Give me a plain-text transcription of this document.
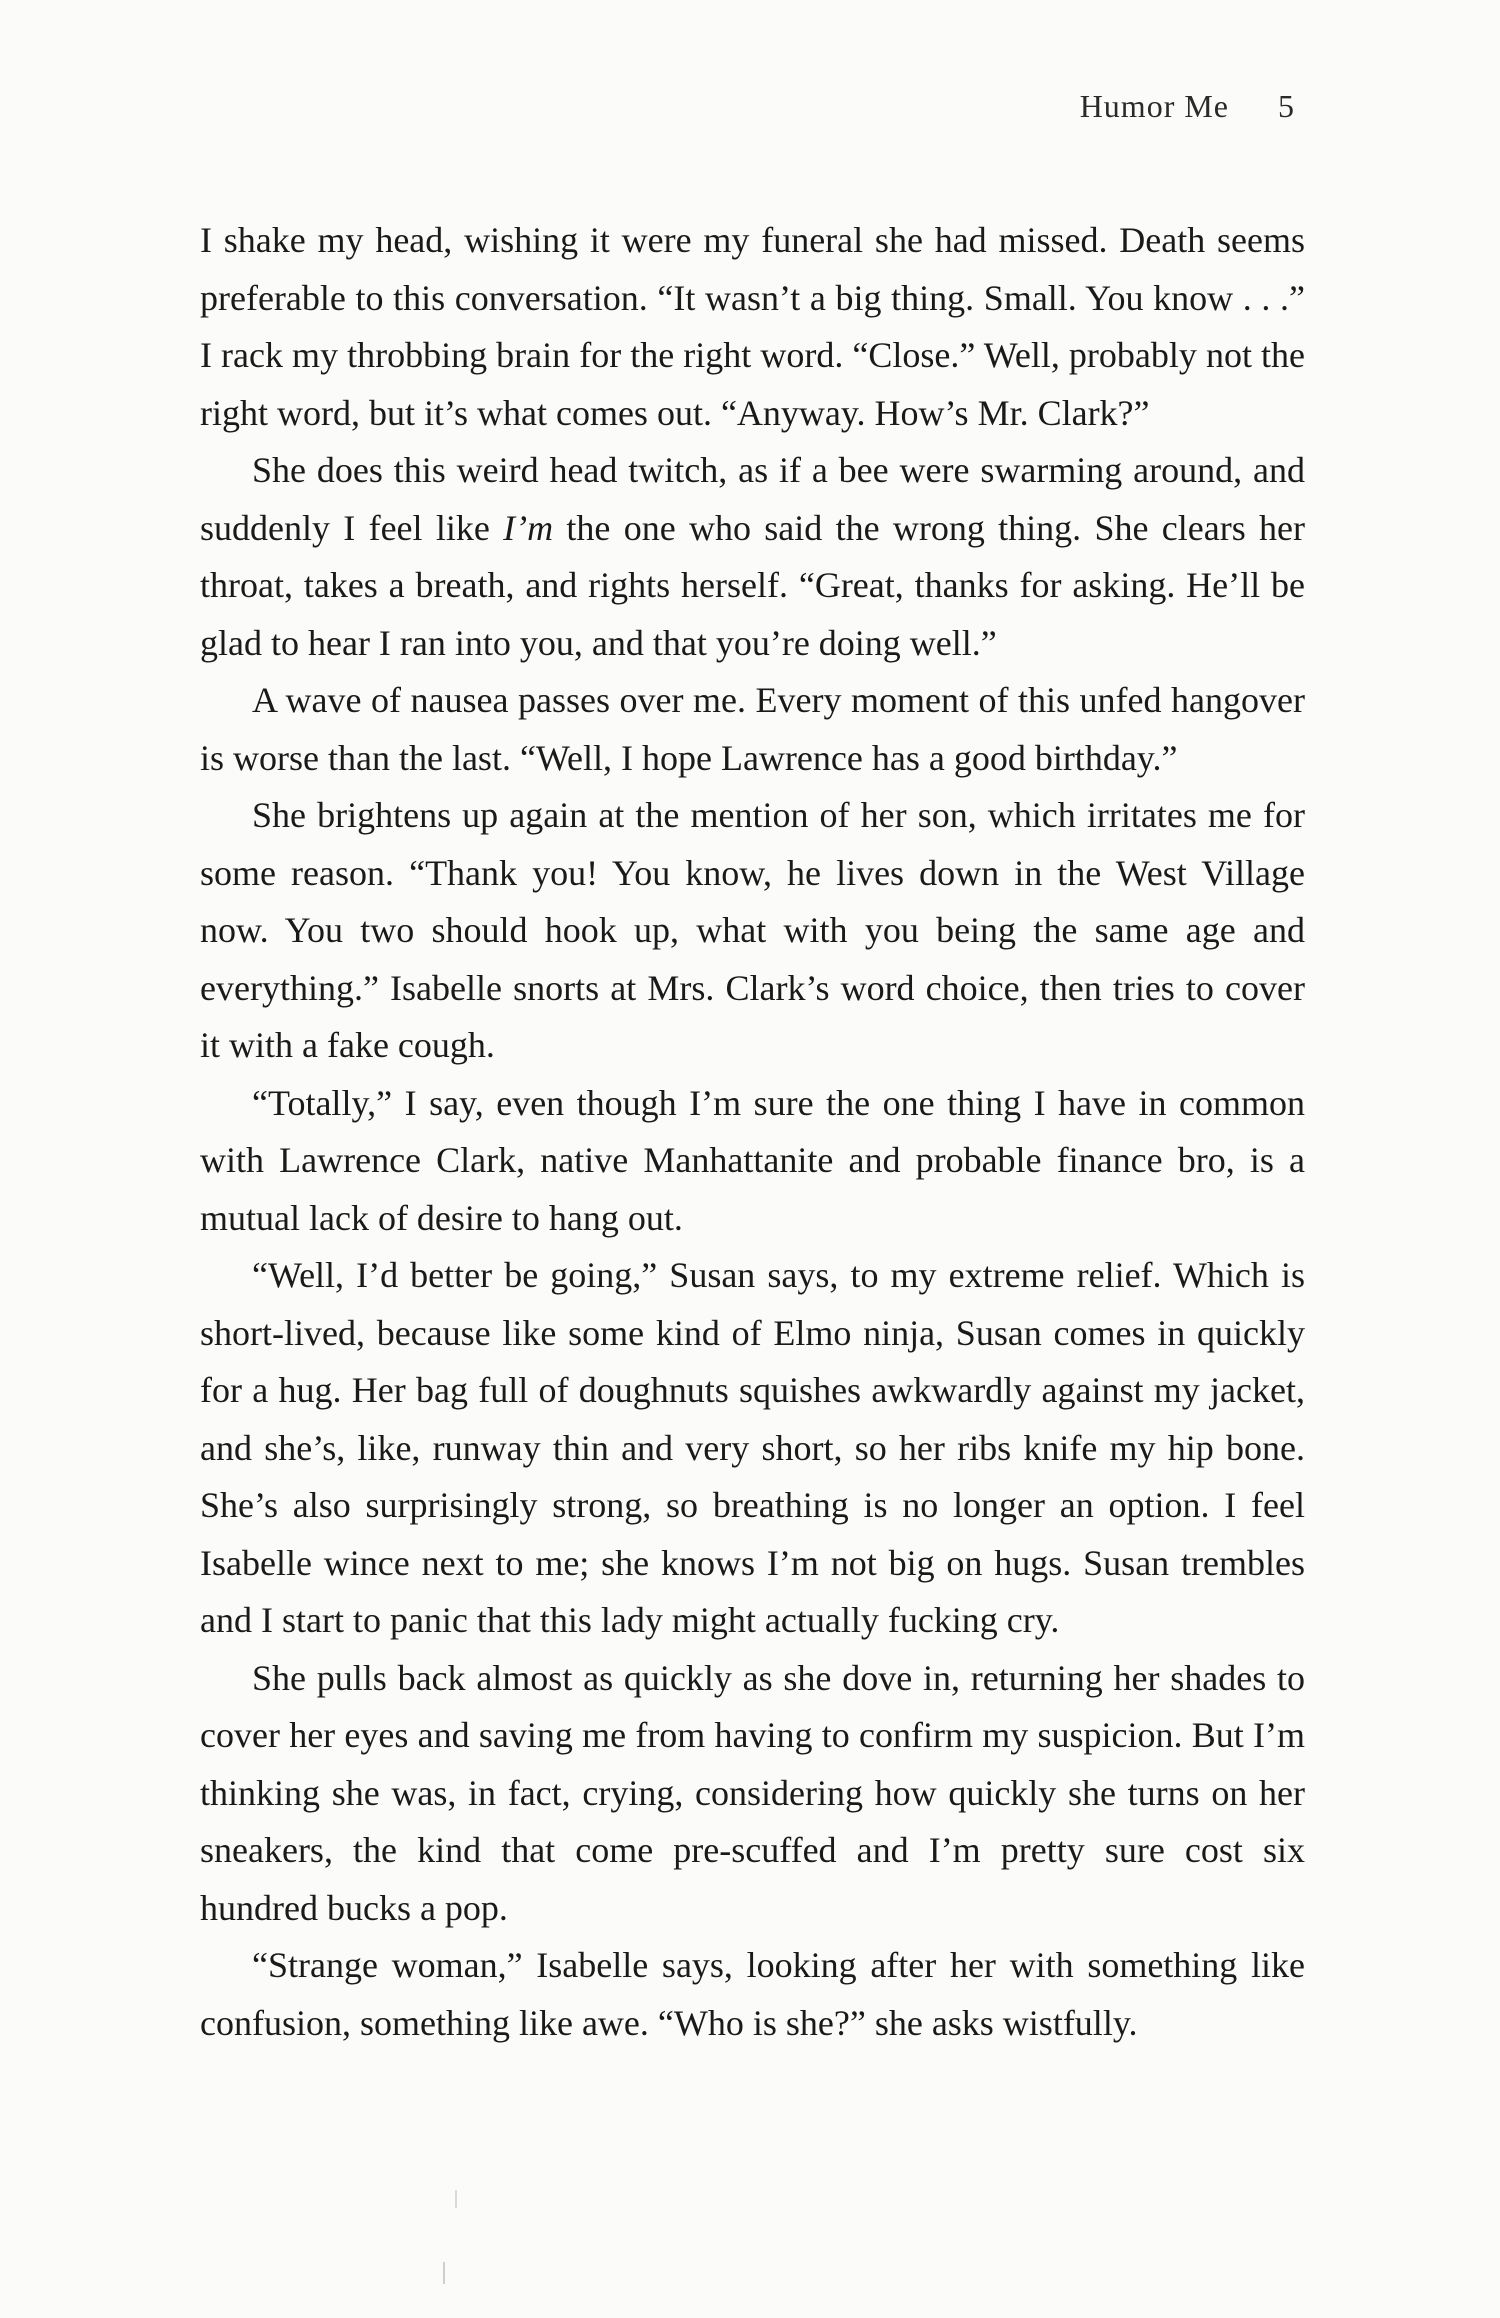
Humor Me 5

I shake my head, wishing it were my funeral she had missed. Death seems preferable to this conversation. “It wasn’t a big thing. Small. You know . . .” I rack my throbbing brain for the right word. “Close.” Well, probably not the right word, but it’s what comes out. “Anyway. How’s Mr. Clark?”

She does this weird head twitch, as if a bee were swarming around, and suddenly I feel like I’m the one who said the wrong thing. She clears her throat, takes a breath, and rights herself. “Great, thanks for asking. He’ll be glad to hear I ran into you, and that you’re doing well.”

A wave of nausea passes over me. Every moment of this unfed hangover is worse than the last. “Well, I hope Lawrence has a good birthday.”

She brightens up again at the mention of her son, which irritates me for some reason. “Thank you! You know, he lives down in the West Village now. You two should hook up, what with you being the same age and everything.” Isabelle snorts at Mrs. Clark’s word choice, then tries to cover it with a fake cough.

“Totally,” I say, even though I’m sure the one thing I have in common with Lawrence Clark, native Manhattanite and probable finance bro, is a mutual lack of desire to hang out.

“Well, I’d better be going,” Susan says, to my extreme relief. Which is short-lived, because like some kind of Elmo ninja, Susan comes in quickly for a hug. Her bag full of doughnuts squishes awkwardly against my jacket, and she’s, like, runway thin and very short, so her ribs knife my hip bone. She’s also surprisingly strong, so breathing is no longer an option. I feel Isabelle wince next to me; she knows I’m not big on hugs. Susan trembles and I start to panic that this lady might actually fucking cry.

She pulls back almost as quickly as she dove in, returning her shades to cover her eyes and saving me from having to confirm my suspicion. But I’m thinking she was, in fact, crying, considering how quickly she turns on her sneakers, the kind that come pre-scuffed and I’m pretty sure cost six hundred bucks a pop.

“Strange woman,” Isabelle says, looking after her with something like confusion, something like awe. “Who is she?” she asks wistfully.
